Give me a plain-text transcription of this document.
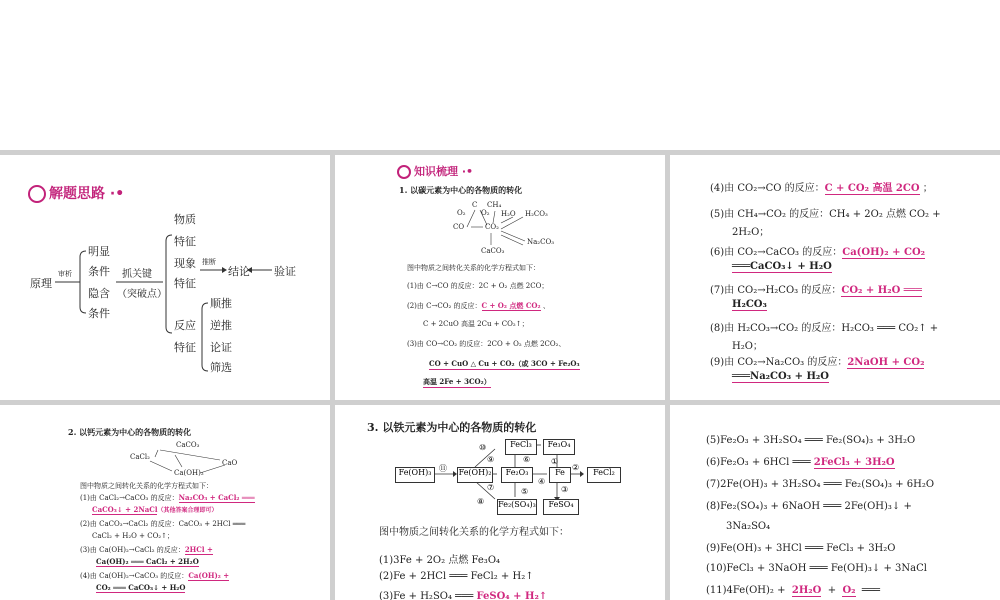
解题思路 ·•
原理
审析
明显
条件
隐含
条件
抓关键
（突破点）
物质
特征
现象
特征
反应
特征
推断
结论 验证
顺推
逆推
论证
筛选
知识梳理 ·•
1. 以碳元素为中心的各物质的转化
C CH₄
O₂ O₂
CO	CO₂
H₂O H₂CO₃
Na₂CO₃
CaCO₃
图中物质之间转化关系的化学方程式如下：
(1)由 C→CO 的反应：2C + O₂ 点燃 2CO；
(2)由 C→CO₂ 的反应：C + O₂ 点燃 CO₂ 、
C + 2CuO 高温 2Cu + CO₂↑；
(3)由 CO→CO₂ 的反应：2CO + O₂ 点燃 2CO₂、
CO + CuO △ Cu + CO₂（或 3CO + Fe₂O₃
高温 2Fe + 3CO₂）
(4)由 CO₂→CO 的反应：C + CO₂ 高温 2CO ；
(5)由 CH₄→CO₂ 的反应：CH₄ + 2O₂ 点燃 CO₂ +
2H₂O；
(6)由 CO₂→CaCO₃ 的反应：Ca(OH)₂ + CO₂
═══CaCO₃↓ + H₂O
(7)由 CO₂→H₂CO₃ 的反应：CO₂ + H₂O ═══
H₂CO₃
(8)由 H₂CO₃→CO₂ 的反应：H₂CO₃ ═══ CO₂↑ +
H₂O；
(9)由 CO₂→Na₂CO₃ 的反应：2NaOH + CO₂
═══Na₂CO₃ + H₂O
2. 以钙元素为中心的各物质的转化
CaCO₃
CaCl₂
CaO
Ca(OH)₂
图中物质之间转化关系的化学方程式如下：
(1)由 CaCl₂→CaCO₃ 的反应：Na₂CO₃ + CaCl₂ ═══
CaCO₃↓ + 2NaCl（其他答案合理即可）
(2)由 CaCO₃→CaCl₂ 的反应：CaCO₃ + 2HCl ═══
CaCl₂ + H₂O + CO₂↑；
(3)由 Ca(OH)₂→CaCl₂ 的反应：2HCl +
Ca(OH)₂ ═══ CaCl₂ + 2H₂O
(4)由 Ca(OH)₂→CaCO₃ 的反应：Ca(OH)₂ +
CO₂ ═══ CaCO₃↓ + H₂O
3. 以铁元素为中心的各物质的转化
FeCl₃	Fe₃O₄
Fe(OH)₃	Fe(OH)₂	Fe₂O₃	Fe	FeCl₂
Fe₂(SO₄)₃	FeSO₄
⑩
⑨	⑥	①
⑪	②
④
⑦	⑤	③
⑧
图中物质之间转化关系的化学方程式如下：
(1)3Fe + 2O₂ 点燃 Fe₃O₄
(2)Fe + 2HCl ═══ FeCl₂ + H₂↑
(3)Fe + H₂SO₄ ═══ FeSO₄ + H₂↑
(5)Fe₂O₃ + 3H₂SO₄ ═══ Fe₂(SO₄)₃ + 3H₂O
(6)Fe₂O₃ + 6HCl ═══ 2FeCl₃ + 3H₂O
(7)2Fe(OH)₃ + 3H₂SO₄ ═══ Fe₂(SO₄)₃ + 6H₂O
(8)Fe₂(SO₄)₃ + 6NaOH ═══ 2Fe(OH)₃↓ +
3Na₂SO₄
(9)Fe(OH)₃ + 3HCl ═══ FeCl₃ + 3H₂O
(10)FeCl₃ + 3NaOH ═══ Fe(OH)₃↓ + 3NaCl
(11)4Fe(OH)₂ + 2H₂O + O₂ ═══
